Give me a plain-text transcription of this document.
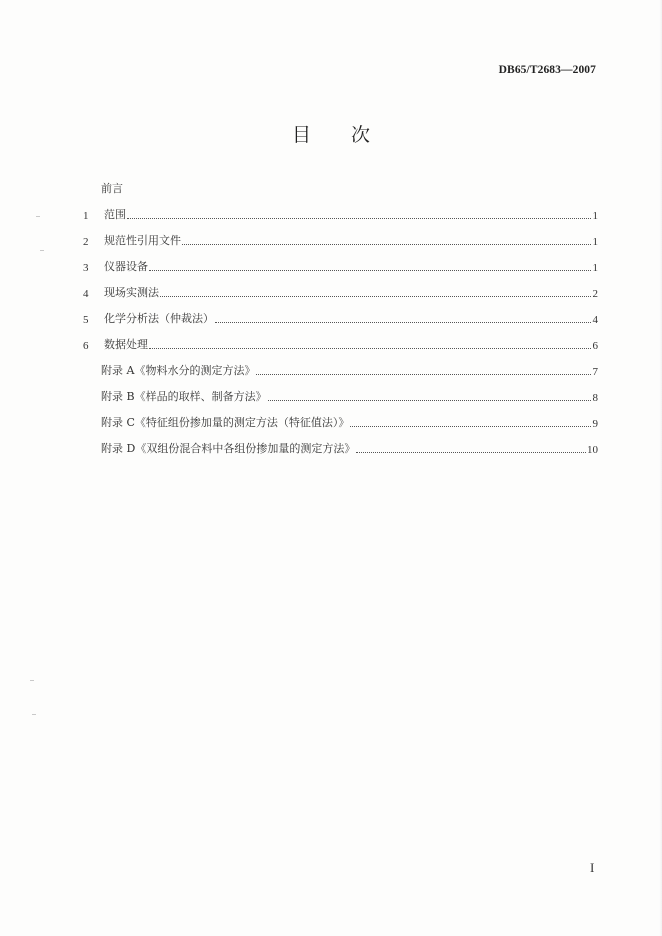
DB65/T2683—2007
目 次
前言
1	范围	1
2	规范性引用文件	1
3	仪器设备	1
4	现场实测法	2
5	化学分析法（仲裁法）	4
6	数据处理	6
附录 A《物料水分的测定方法》	7
附录 B《样品的取样、制备方法》	8
附录 C《特征组份掺加量的测定方法（特征值法）》	9
附录 D《双组份混合料中各组份掺加量的测定方法》	10
I
